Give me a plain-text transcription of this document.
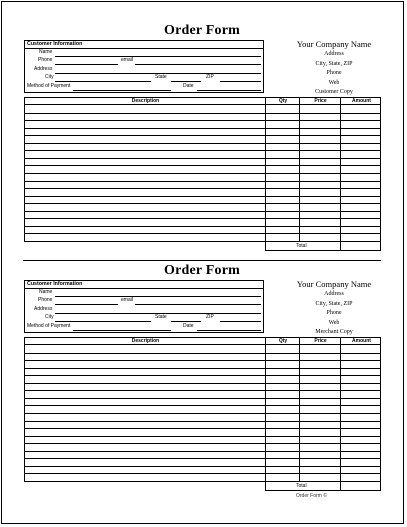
Order Form
Customer Information
Name
Phone	email
Address
City	State	ZIP
Method of Payment	Date
Your Company Name
Address
City, State, ZIP
Phone
Web
Customer Copy
Description	Qty	Price	Amount
Total
Order Form
Customer Information
Name
Phone	email
Address
City	State	ZIP
Method of Payment	Date
Your Company Name
Address
City, State, ZIP
Phone
Web
Merchant Copy
Description	Qty	Price	Amount
Total
Order Form ©
